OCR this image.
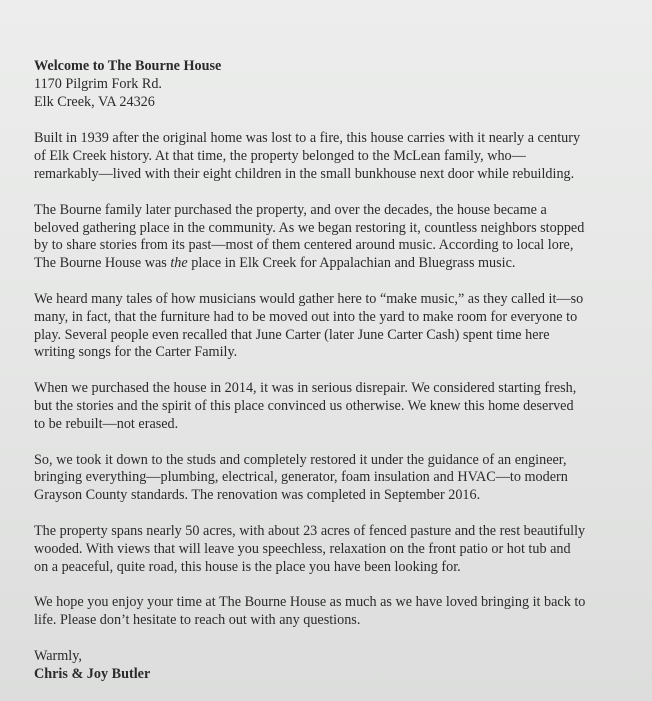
Welcome to The Bourne House
1170 Pilgrim Fork Rd.
Elk Creek, VA 24326

Built in 1939 after the original home was lost to a fire, this house carries with it nearly a century
of Elk Creek history. At that time, the property belonged to the McLean family, who—
remarkably—lived with their eight children in the small bunkhouse next door while rebuilding.

The Bourne family later purchased the property, and over the decades, the house became a
beloved gathering place in the community. As we began restoring it, countless neighbors stopped
by to share stories from its past—most of them centered around music. According to local lore,
The Bourne House was the place in Elk Creek for Appalachian and Bluegrass music.

We heard many tales of how musicians would gather here to “make music,” as they called it—so
many, in fact, that the furniture had to be moved out into the yard to make room for everyone to
play. Several people even recalled that June Carter (later June Carter Cash) spent time here
writing songs for the Carter Family.

When we purchased the house in 2014, it was in serious disrepair. We considered starting fresh,
but the stories and the spirit of this place convinced us otherwise. We knew this home deserved
to be rebuilt—not erased.

So, we took it down to the studs and completely restored it under the guidance of an engineer,
bringing everything—plumbing, electrical, generator, foam insulation and HVAC—to modern
Grayson County standards. The renovation was completed in September 2016.

The property spans nearly 50 acres, with about 23 acres of fenced pasture and the rest beautifully
wooded. With views that will leave you speechless, relaxation on the front patio or hot tub and
on a peaceful, quite road, this house is the place you have been looking for.

We hope you enjoy your time at The Bourne House as much as we have loved bringing it back to
life. Please don’t hesitate to reach out with any questions.

Warmly,
Chris & Joy Butler
